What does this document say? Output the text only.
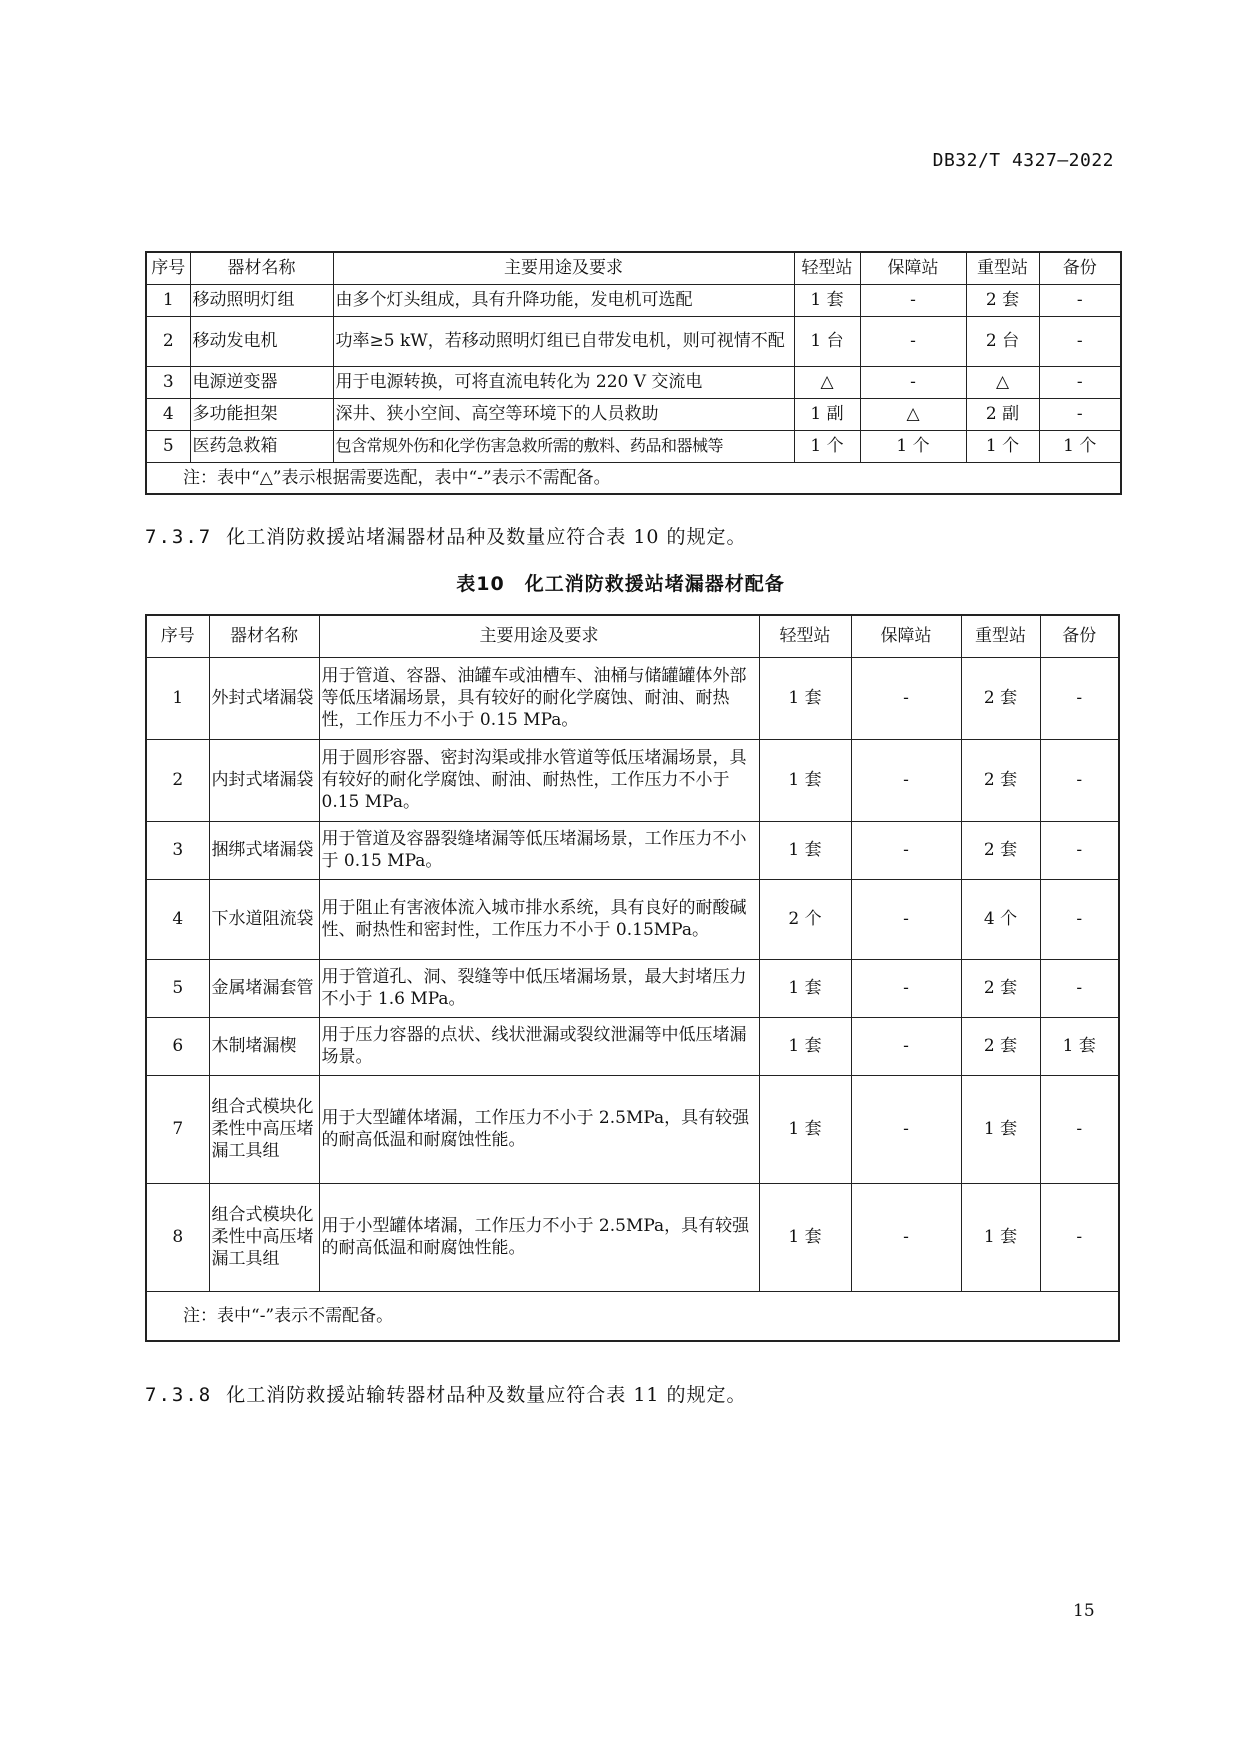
DB32/T 4327—2022
序号	器材名称	主要用途及要求	轻型站	保障站	重型站	备份
1	移动照明灯组	由多个灯头组成，具有升降功能，发电机可选配	1 套	-	2 套	-
2	移动发电机	功率≥5 kW，若移动照明灯组已自带发电机，则可视情不配	1 台	-	2 台	-
3	电源逆变器	用于电源转换，可将直流电转化为 220 V 交流电	△	-	△	-
4	多功能担架	深井、狭小空间、高空等环境下的人员救助	1 副	△	2 副	-
5	医药急救箱	包含常规外伤和化学伤害急救所需的敷料、药品和器械等	1 个	1 个	1 个	1 个
注：表中“△”表示根据需要选配，表中“-”表示不需配备。						
7.3.7 化工消防救援站堵漏器材品种及数量应符合表 10 的规定。
表10　化工消防救援站堵漏器材配备
序号	器材名称	主要用途及要求	轻型站	保障站	重型站	备份
1	外封式堵漏袋	用于管道、容器、油罐车或油槽车、油桶与储罐罐体外部等低压堵漏场景，具有较好的耐化学腐蚀、耐油、耐热性，工作压力不小于 0.15 MPa。	1 套	-	2 套	-
2	内封式堵漏袋	用于圆形容器、密封沟渠或排水管道等低压堵漏场景，具有较好的耐化学腐蚀、耐油、耐热性，工作压力不小于 0.15 MPa。	1 套	-	2 套	-
3	捆绑式堵漏袋	用于管道及容器裂缝堵漏等低压堵漏场景，工作压力不小于 0.15 MPa。	1 套	-	2 套	-
4	下水道阻流袋	用于阻止有害液体流入城市排水系统，具有良好的耐酸碱性、耐热性和密封性，工作压力不小于 0.15MPa。	2 个	-	4 个	-
5	金属堵漏套管	用于管道孔、洞、裂缝等中低压堵漏场景，最大封堵压力不小于 1.6 MPa。	1 套	-	2 套	-
6	木制堵漏楔	用于压力容器的点状、线状泄漏或裂纹泄漏等中低压堵漏场景。	1 套	-	2 套	1 套
7	组合式模块化柔性中高压堵漏工具组	用于大型罐体堵漏，工作压力不小于 2.5MPa，具有较强的耐高低温和耐腐蚀性能。	1 套	-	1 套	-
8	组合式模块化柔性中高压堵漏工具组	用于小型罐体堵漏，工作压力不小于 2.5MPa，具有较强的耐高低温和耐腐蚀性能。	1 套	-	1 套	-
注：表中“-”表示不需配备。						
7.3.8 化工消防救援站输转器材品种及数量应符合表 11 的规定。
15
